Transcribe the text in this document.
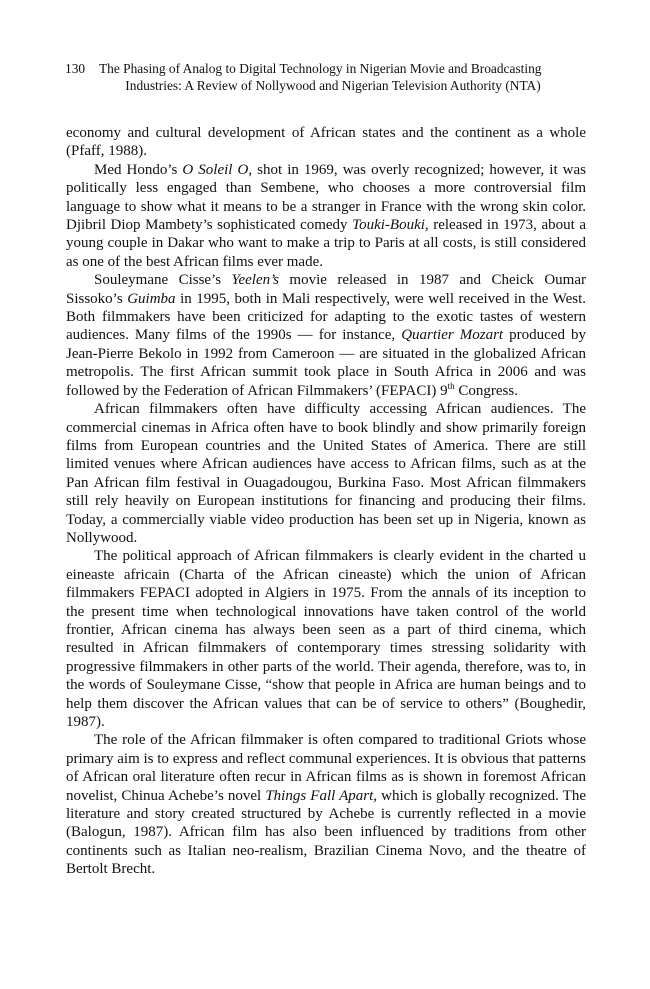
130	The Phasing of Analog to Digital Technology in Nigerian Movie and Broadcasting
Industries: A Review of Nollywood and Nigerian Television Authority (NTA)

economy and cultural development of African states and the continent as a whole (Pfaff, 1988).

Med Hondo’s O Soleil O, shot in 1969, was overly recognized; however, it was politically less engaged than Sembene, who chooses a more controversial film language to show what it means to be a stranger in France with the wrong skin color. Djibril Diop Mambety’s sophisticated comedy Touki-Bouki, released in 1973, about a young couple in Dakar who want to make a trip to Paris at all costs, is still considered as one of the best African films ever made.

Souleymane Cisse’s Yeelen’s movie released in 1987 and Cheick Oumar Sissoko’s Guimba in 1995, both in Mali respectively, were well received in the West. Both filmmakers have been criticized for adapting to the exotic tastes of western audiences. Many films of the 1990s — for instance, Quartier Mozart produced by Jean-Pierre Bekolo in 1992 from Cameroon — are situated in the globalized African metropolis. The first African summit took place in South Africa in 2006 and was followed by the Federation of African Filmmakers’ (FEPACI) 9th Congress.

African filmmakers often have difficulty accessing African audiences. The commercial cinemas in Africa often have to book blindly and show primarily foreign films from European countries and the United States of America. There are still limited venues where African audiences have access to African films, such as at the Pan African film festival in Ouagadougou, Burkina Faso. Most African filmmakers still rely heavily on European institutions for financing and producing their films. Today, a commercially viable video production has been set up in Nigeria, known as Nollywood.

The political approach of African filmmakers is clearly evident in the charted u eineaste africain (Charta of the African cineaste) which the union of African filmmakers FEPACI adopted in Algiers in 1975. From the annals of its inception to the present time when technological innovations have taken control of the world frontier, African cinema has always been seen as a part of third cinema, which resulted in African filmmakers of contemporary times stressing solidarity with progressive filmmakers in other parts of the world. Their agenda, therefore, was to, in the words of Souleymane Cisse, “show that people in Africa are human beings and to help them discover the African values that can be of service to others” (Boughedir, 1987).

The role of the African filmmaker is often compared to traditional Griots whose primary aim is to express and reflect communal experiences. It is obvious that patterns of African oral literature often recur in African films as is shown in foremost African novelist, Chinua Achebe’s novel Things Fall Apart, which is globally recognized. The literature and story created structured by Achebe is currently reflected in a movie (Balogun, 1987). African film has also been influenced by traditions from other continents such as Italian neo-realism, Brazilian Cinema Novo, and the theatre of Bertolt Brecht.
